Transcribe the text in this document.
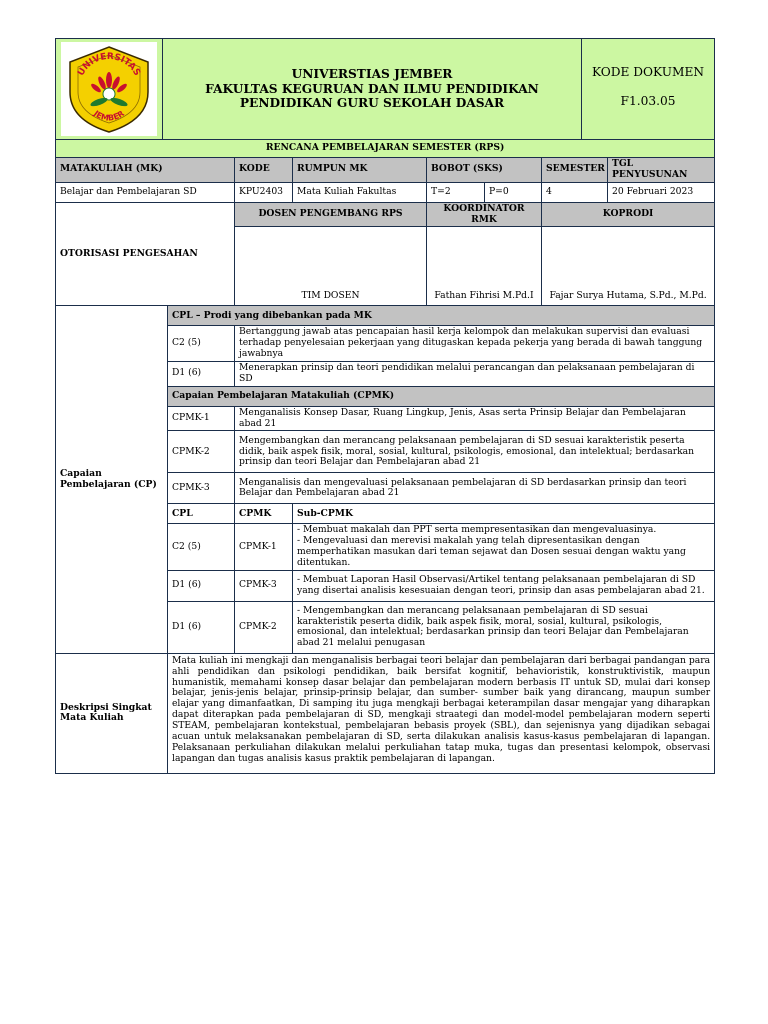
UNIVERSITAS
JEMBER

UNIVERSTIAS JEMBER
FAKULTAS KEGURUAN DAN ILMU PENDIDIKAN
PENDIDIKAN GURU SEKOLAH DASAR

KODE DOKUMEN
F1.03.05
RENCANA PEMBELAJARAN SEMESTER (RPS)							
MATAKULIAH (MK)		KODE	RUMPUN MK	BOBOT (SKS)		SEMESTER	TGL PENYUSUNAN
Belajar dan Pembelajaran SD		KPU2403	Mata Kuliah Fakultas	T=2	P=0	4	20 Februari 2023
OTORISASI PENGESAHAN		DOSEN PENGEMBANG RPS		KOORDINATOR RMK		KOPRODI	
		TIM DOSEN		Fathan Fihrisi M.Pd.I		Fajar Surya Hutama, S.Pd., M.Pd.	
Capaian Pembelajaran (CP)	CPL – Prodi yang dibebankan pada MK						
	C2 (5)	Bertanggung jawab atas pencapaian hasil kerja kelompok dan melakukan supervisi dan evaluasi terhadap penyelesaian pekerjaan yang ditugaskan kepada pekerja yang berada di bawah tanggung jawabnya					
	D1 (6)	Menerapkan prinsip dan teori pendidikan melalui perancangan dan pelaksanaan pembelajaran di SD					
	Capaian Pembelajaran Matakuliah (CPMK)						
	CPMK-1	Menganalisis Konsep Dasar, Ruang Lingkup, Jenis, Asas serta Prinsip Belajar dan Pembelajaran abad 21					
	CPMK-2	Mengembangkan dan merancang pelaksanaan pembelajaran di SD sesuai karakteristik peserta didik, baik aspek fisik, moral, sosial, kultural, psikologis, emosional, dan intelektual; berdasarkan prinsip dan teori Belajar dan Pembelajaran abad 21					
	CPMK-3	Menganalisis dan mengevaluasi pelaksanaan pembelajaran di SD berdasarkan prinsip dan teori Belajar dan Pembelajaran abad 21					
	CPL	CPMK	Sub-CPMK				
	C2 (5)	CPMK-1	- Membuat makalah dan PPT serta mempresentasikan dan mengevaluasinya.
- Mengevaluasi dan merevisi makalah yang telah dipresentasikan dengan memperhatikan masukan dari teman sejawat dan Dosen sesuai dengan waktu yang ditentukan.				

	D1 (6)	CPMK-3	- Membuat Laporan Hasil Observasi/Artikel tentang pelaksanaan pembelajaran di SD yang disertai analisis kesesuaian dengan teori, prinsip dan asas pembelajaran abad 21.				

	D1 (6)	CPMK-2	- Mengembangkan dan merancang pelaksanaan pembelajaran di SD sesuai karakteristik peserta didik, baik aspek fisik, moral, sosial, kultural, psikologis, emosional, dan intelektual; berdasarkan prinsip dan teori Belajar dan Pembelajaran abad 21 melalui penugasan				

Deskripsi Singkat Mata Kuliah	Mata kuliah ini mengkaji dan menganalisis berbagai teori belajar dan pembelajaran dari berbagai pandangan para ahli pendidikan dan psikologi pendidikan, baik bersifat kognitif, behavioristik, konstruktivistik, maupun humanistik, memahami konsep dasar belajar dan pembelajaran modern berbasis IT untuk SD, mulai dari konsep belajar, jenis-jenis belajar, prinsip-prinsip belajar, dan sumber- sumber baik yang dirancang, maupun sumber elajar yang dimanfaatkan, Di samping itu juga mengkaji berbagai keterampilan dasar mengajar yang diharapkan dapat diterapkan pada pembelajaran di SD, mengkaji straategi dan model-model pembelajaran modern seperti STEAM, pembelajaran kontekstual, pembelajaran bebasis proyek (SBL), dan sejenisnya yang dijadikan sebagai acuan untuk melaksanakan pembelajaran di SD, serta dilakukan analisis kasus-kasus pembelajaran di lapangan. Pelaksanaan perkuliahan dilakukan melalui perkuliahan tatap muka, tugas dan presentasi kelompok, observasi lapangan dan tugas analisis kasus praktik pembelajaran di lapangan.						
